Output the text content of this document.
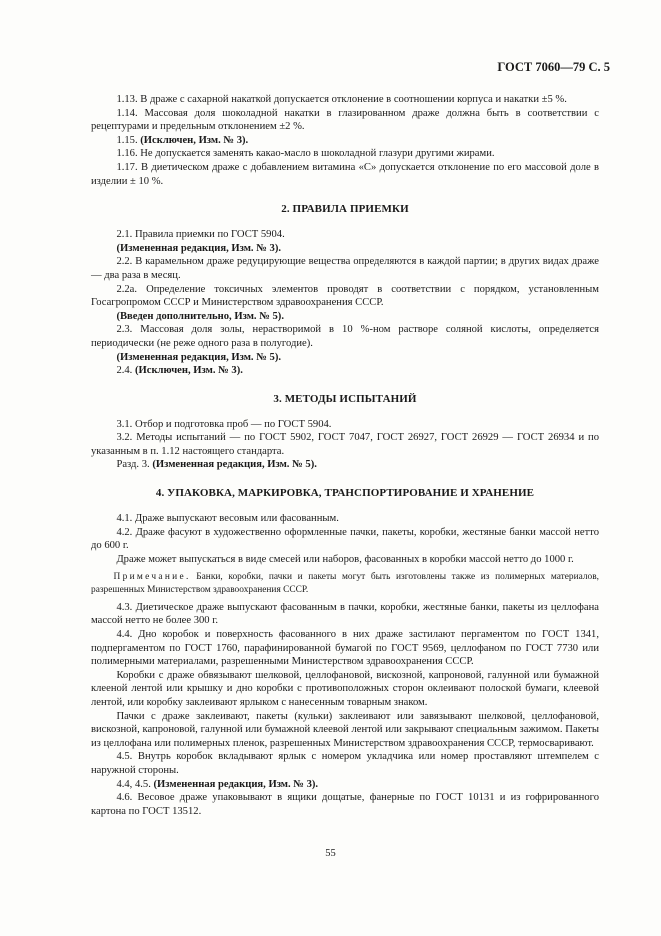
ГОСТ 7060—79 С. 5

1.13. В драже с сахарной накаткой допускается отклонение в соотношении корпуса и накатки ±5 %.

1.14. Массовая доля шоколадной накатки в глазированном драже должна быть в соответствии с рецептурами и предельным отклонением ±2 %.

1.15. (Исключен, Изм. № 3).

1.16. Не допускается заменять какао-масло в шоколадной глазури другими жирами.

1.17. В диетическом драже с добавлением витамина «С» допускается отклонение по его массовой доле в изделии ± 10 %.

2. ПРАВИЛА ПРИЕМКИ

2.1. Правила приемки по ГОСТ 5904.

(Измененная редакция, Изм. № 3).

2.2. В карамельном драже редуцирующие вещества определяются в каждой партии; в других видах драже — два раза в месяц.

2.2а. Определение токсичных элементов проводят в соответствии с порядком, установленным Госагропромом СССР и Министерством здравоохранения СССР.

(Введен дополнительно, Изм. № 5).

2.3. Массовая доля золы, нерастворимой в 10 %-ном растворе соляной кислоты, определяется периодически (не реже одного раза в полугодие).

(Измененная редакция, Изм. № 5).

2.4. (Исключен, Изм. № 3).

3. МЕТОДЫ ИСПЫТАНИЙ

3.1. Отбор и подготовка проб — по ГОСТ 5904.

3.2. Методы испытаний — по ГОСТ 5902, ГОСТ 7047, ГОСТ 26927, ГОСТ 26929 — ГОСТ 26934 и по указанным в п. 1.12 настоящего стандарта.

Разд. 3. (Измененная редакция, Изм. № 5).

4. УПАКОВКА, МАРКИРОВКА, ТРАНСПОРТИРОВАНИЕ И ХРАНЕНИЕ

4.1. Драже выпускают весовым или фасованным.

4.2. Драже фасуют в художественно оформленные пачки, пакеты, коробки, жестяные банки массой нетто до 600 г.

Драже может выпускаться в виде смесей или наборов, фасованных в коробки массой нетто до 1000 г.

Примечание. Банки, коробки, пачки и пакеты могут быть изготовлены также из полимерных материалов, разрешенных Министерством здравоохранения СССР.

4.3. Диетическое драже выпускают фасованным в пачки, коробки, жестяные банки, пакеты из целлофана массой нетто не более 300 г.

4.4. Дно коробок и поверхность фасованного в них драже застилают пергаментом по ГОСТ 1341, подпергаментом по ГОСТ 1760, парафинированной бумагой по ГОСТ 9569, целлофаном по ГОСТ 7730 или полимерными материалами, разрешенными Министерством здравоохранения СССР.

Коробки с драже обвязывают шелковой, целлофановой, вискозной, капроновой, галунной или бумажной клееной лентой или крышку и дно коробки с противоположных сторон оклеивают полоской бумаги, клеевой лентой, или коробку заклеивают ярлыком с нанесенным товарным знаком.

Пачки с драже заклеивают, пакеты (кульки) заклеивают или завязывают шелковой, целлофановой, вискозной, капроновой, галунной или бумажной клеевой лентой или закрывают специальным зажимом. Пакеты из целлофана или полимерных пленок, разрешенных Министерством здравоохранения СССР, термосваривают.

4.5. Внутрь коробок вкладывают ярлык с номером укладчика или номер проставляют штемпелем с наружной стороны.

4.4, 4.5. (Измененная редакция, Изм. № 3).

4.6. Весовое драже упаковывают в ящики дощатые, фанерные по ГОСТ 10131 и из гофрированного картона по ГОСТ 13512.

55
